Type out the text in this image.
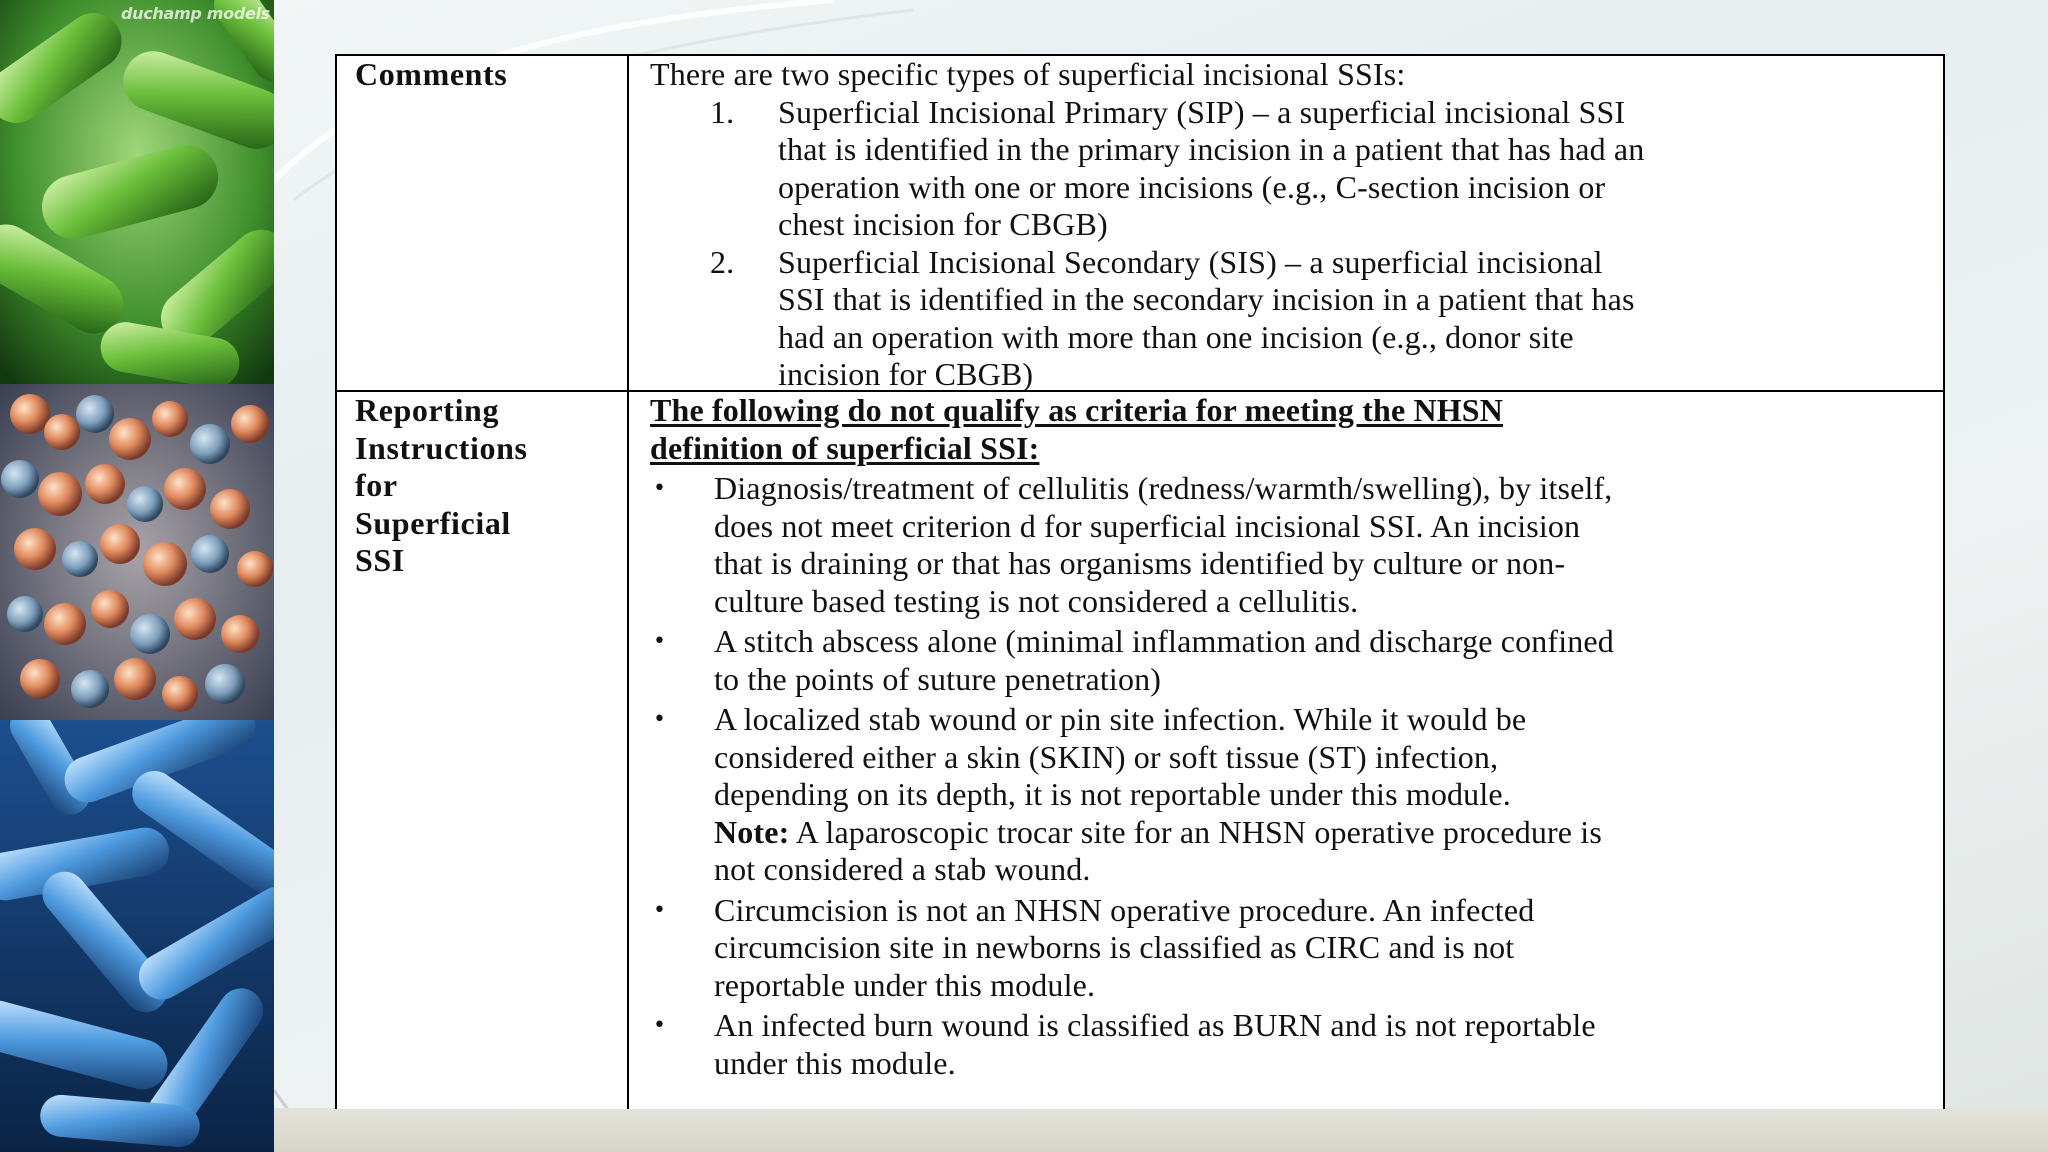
duchamp models
Comments	There are two specific types of superficial incisional SSIs:
1. Superficial Incisional Primary (SIP) – a superficial incisional SSI
that is identified in the primary incision in a patient that has had an
operation with one or more incisions (e.g., C-section incision or
chest incision for CBGB)
2. Superficial Incisional Secondary (SIS) – a superficial incisional
SSI that is identified in the secondary incision in a patient that has
had an operation with more than one incision (e.g., donor site
incision for CBGB)
Reporting
Instructions
for
Superficial
SSI
The following do not qualify as criteria for meeting the NHSN
definition of superficial SSI:
• Diagnosis/treatment of cellulitis (redness/warmth/swelling), by itself,
does not meet criterion d for superficial incisional SSI. An incision
that is draining or that has organisms identified by culture or non-
culture based testing is not considered a cellulitis.
• A stitch abscess alone (minimal inflammation and discharge confined
to the points of suture penetration)
• A localized stab wound or pin site infection. While it would be
considered either a skin (SKIN) or soft tissue (ST) infection,
depending on its depth, it is not reportable under this module.
Note: A laparoscopic trocar site for an NHSN operative procedure is
not considered a stab wound.
• Circumcision is not an NHSN operative procedure. An infected
circumcision site in newborns is classified as CIRC and is not
reportable under this module.
• An infected burn wound is classified as BURN and is not reportable
under this module.
